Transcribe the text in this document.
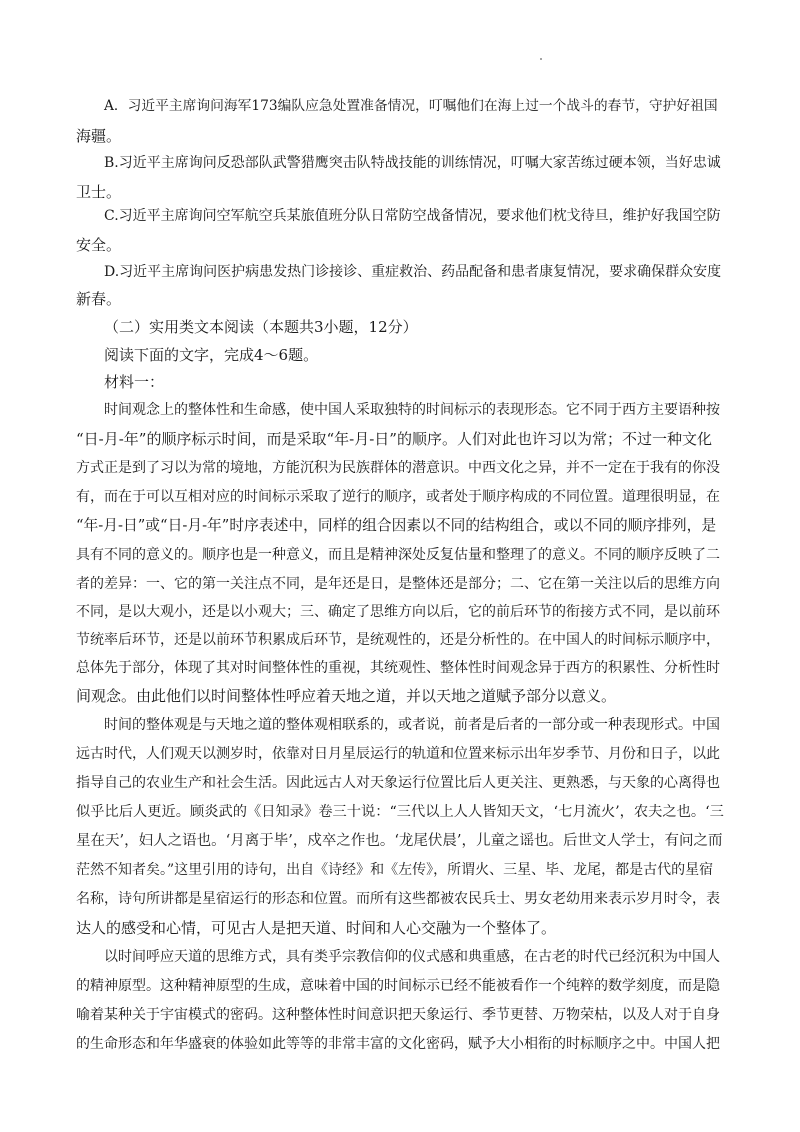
A．习近平主席询问海军173编队应急处置准备情况，叮嘱他们在海上过一个战斗的春节，守护好祖国
海疆。
B.习近平主席询问反恐部队武警猎鹰突击队特战技能的训练情况，叮嘱大家苦练过硬本领，当好忠诚
卫士。
C.习近平主席询问空军航空兵某旅值班分队日常防空战备情况，要求他们枕戈待旦，维护好我国空防
安全。
D.习近平主席询问医护病患发热门诊接诊、重症救治、药品配备和患者康复情况，要求确保群众安度
新春。
（二）实用类文本阅读（本题共3小题，12分）
阅读下面的文字，完成4～6题。
材料一：
时间观念上的整体性和生命感，使中国人采取独特的时间标示的表现形态。它不同于西方主要语种按
“日-月-年”的顺序标示时间，而是采取“年-月-日”的顺序。人们对此也许习以为常；不过一种文化
方式正是到了习以为常的境地，方能沉积为民族群体的潜意识。中西文化之异，并不一定在于我有的你没
有，而在于可以互相对应的时间标示采取了逆行的顺序，或者处于顺序构成的不同位置。道理很明显，在
“年-月-日”或“日-月-年”时序表述中，同样的组合因素以不同的结构组合，或以不同的顺序排列，是
具有不同的意义的。顺序也是一种意义，而且是精神深处反复估量和整理了的意义。不同的顺序反映了二
者的差异：一、它的第一关注点不同，是年还是日，是整体还是部分；二、它在第一关注以后的思维方向
不同，是以大观小，还是以小观大；三、确定了思维方向以后，它的前后环节的衔接方式不同，是以前环
节统率后环节，还是以前环节积累成后环节，是统观性的，还是分析性的。在中国人的时间标示顺序中，
总体先于部分，体现了其对时间整体性的重视，其统观性、整体性时间观念异于西方的积累性、分析性时
间观念。由此他们以时间整体性呼应着天地之道，并以天地之道赋予部分以意义。
时间的整体观是与天地之道的整体观相联系的，或者说，前者是后者的一部分或一种表现形式。中国
远古时代，人们观天以测岁时，依靠对日月星辰运行的轨道和位置来标示出年岁季节、月份和日子，以此
指导自己的农业生产和社会生活。因此远古人对天象运行位置比后人更关注、更熟悉，与天象的心离得也
似乎比后人更近。顾炎武的《日知录》卷三十说：“三代以上人人皆知天文，‘七月流火’，农夫之也。‘三
星在天’，妇人之语也。‘月离于毕’，戍卒之作也。‘龙尾伏晨’，儿童之谣也。后世文人学士，有问之而
茫然不知者矣。”这里引用的诗句，出自《诗经》和《左传》，所谓火、三星、毕、龙尾，都是古代的星宿
名称，诗句所讲都是星宿运行的形态和位置。而所有这些都被农民兵士、男女老幼用来表示岁月时令，表
达人的感受和心情，可见古人是把天道、时间和人心交融为一个整体了。
以时间呼应天道的思维方式，具有类乎宗教信仰的仪式感和典重感，在古老的时代已经沉积为中国人
的精神原型。这种精神原型的生成，意味着中国的时间标示已经不能被看作一个纯粹的数学刻度，而是隐
喻着某种关于宇宙模式的密码。这种整体性时间意识把天象运行、季节更替、万物荣枯，以及人对于自身
的生命形态和年华盛衰的体验如此等等的非常丰富的文化密码，赋予大小相衔的时标顺序之中。中国人把
